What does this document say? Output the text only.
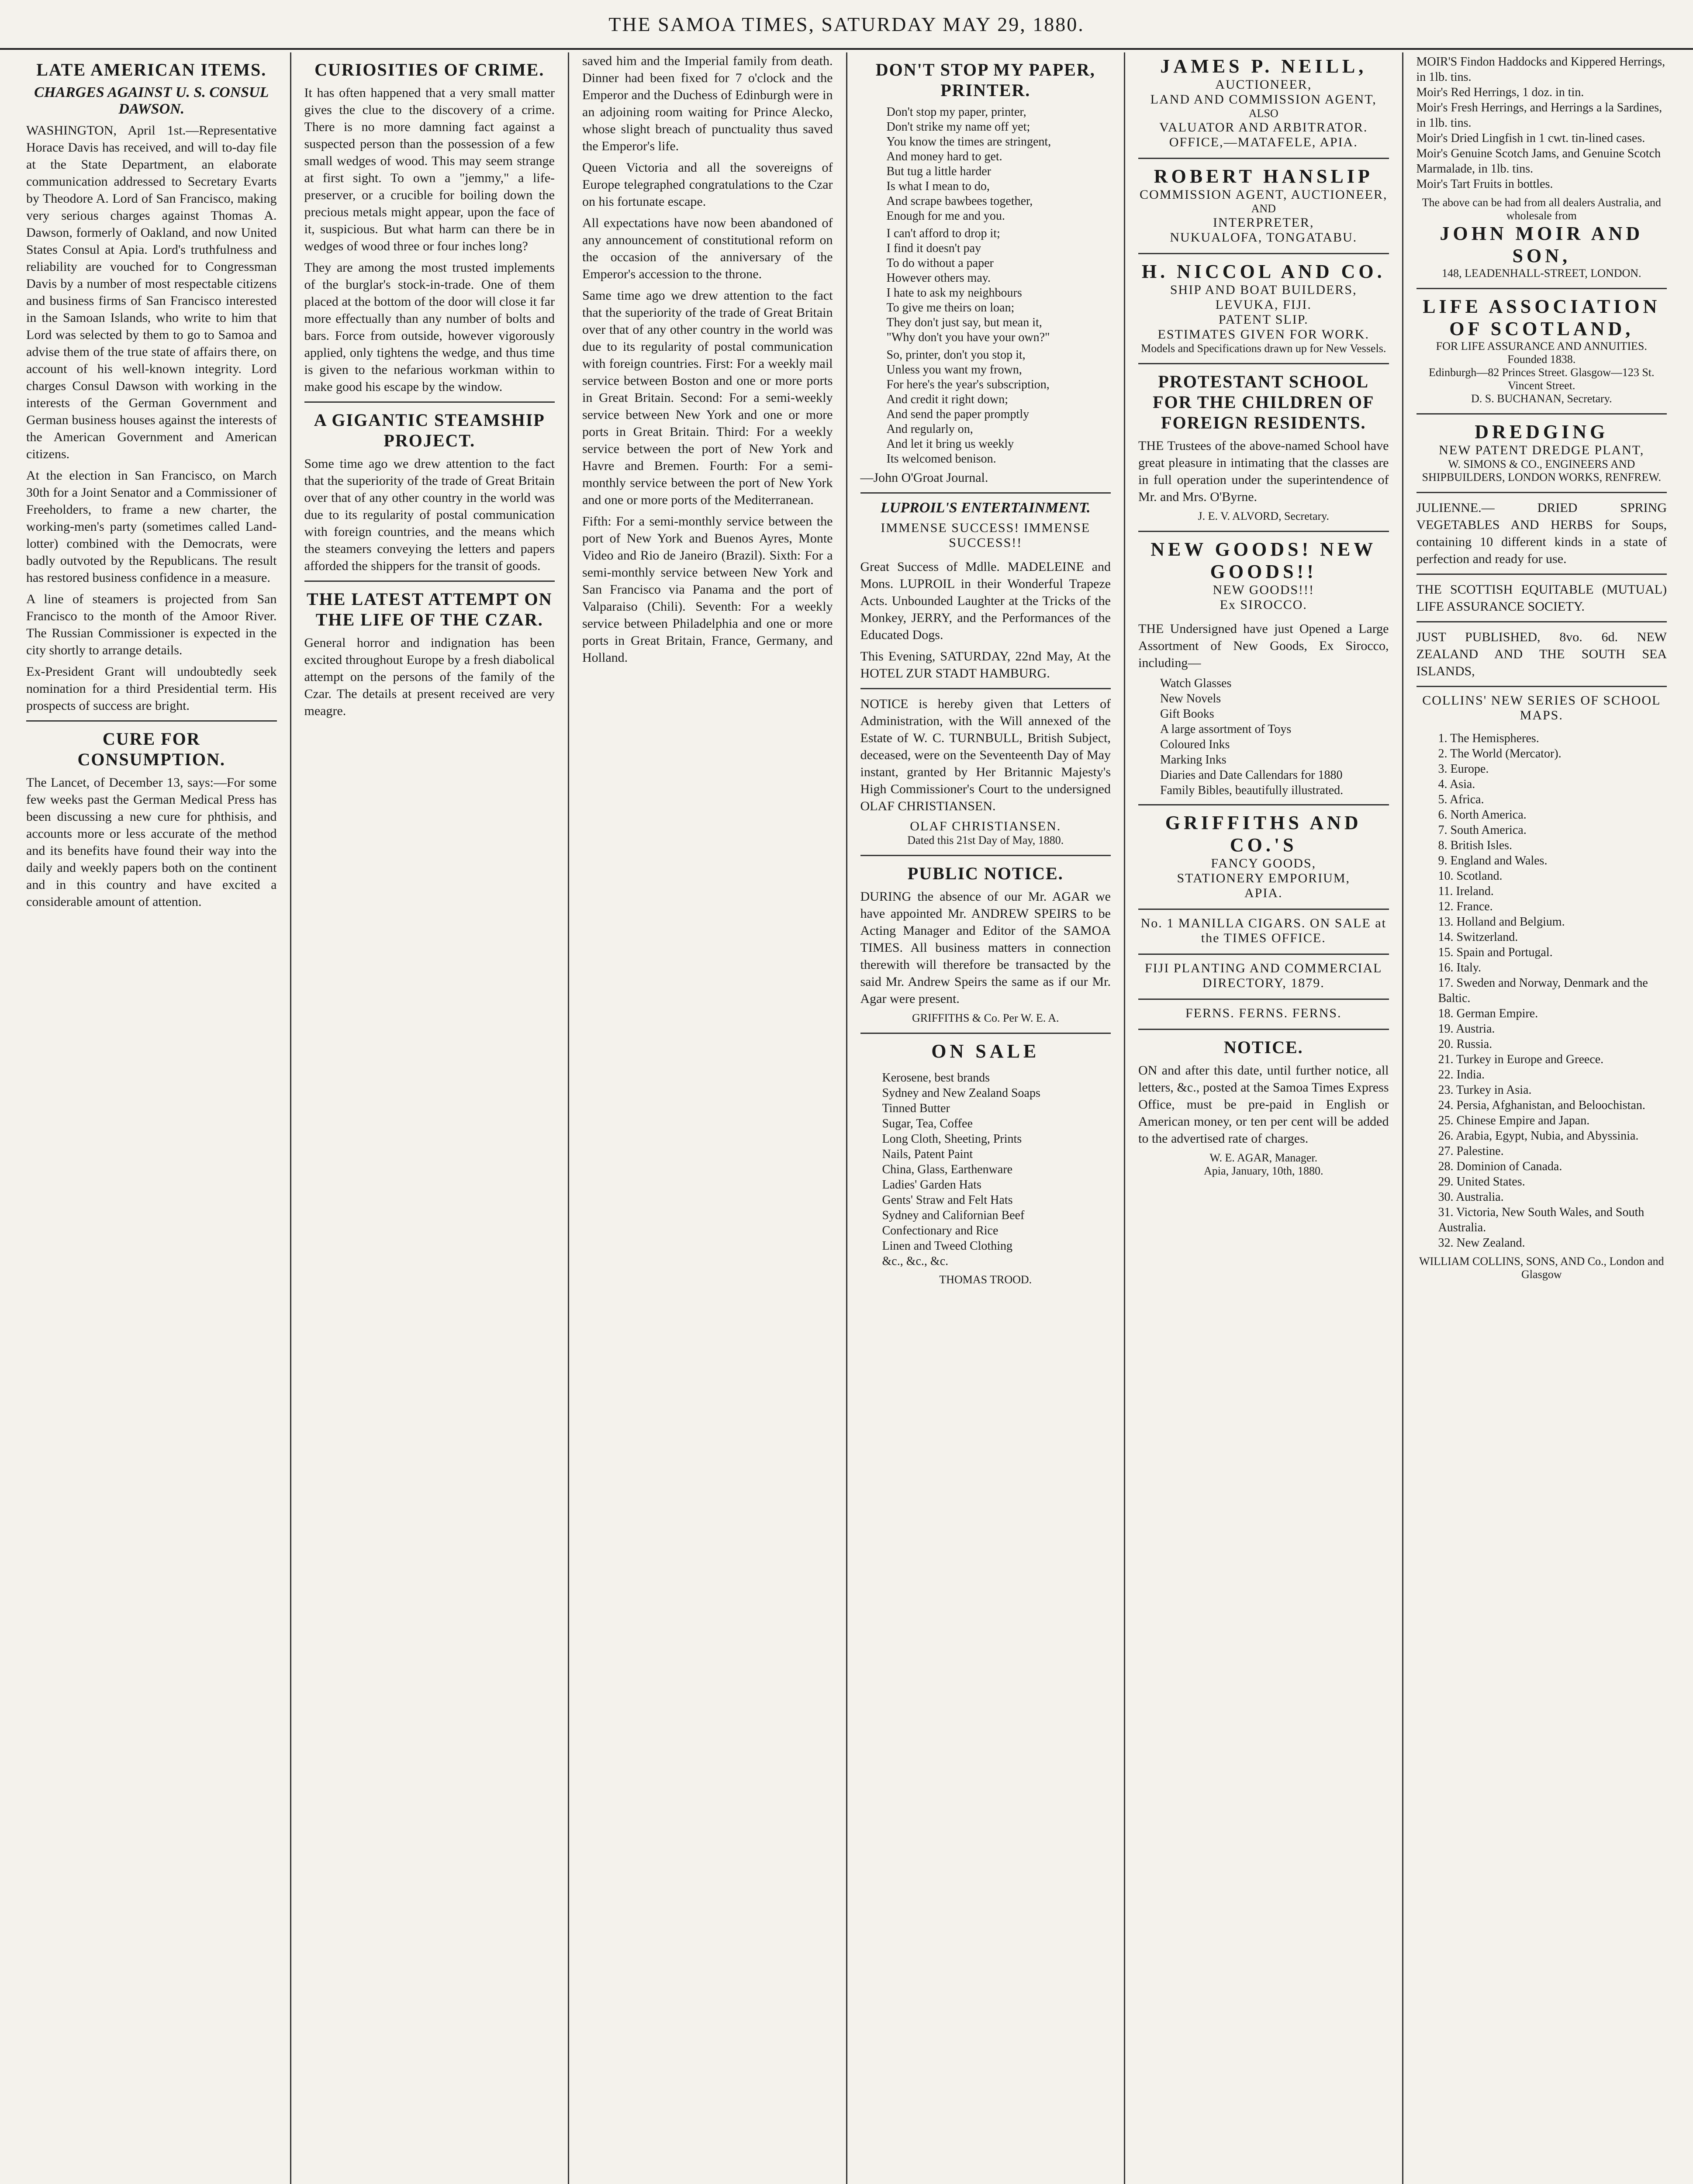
THE SAMOA TIMES, SATURDAY MAY 29, 1880.
LATE AMERICAN ITEMS.
CHARGES AGAINST U. S. CONSUL DAWSON.

WASHINGTON, April 1st.—Representative Horace Davis has received, and will to-day file at the State Department, an elaborate communication addressed to Secretary Evarts by Theodore A. Lord of San Francisco, making very serious charges against Thomas A. Dawson, formerly of Oakland, and now United States Consul at Apia. Lord's truthfulness and reliability are vouched for to Congressman Davis by a number of most respectable citizens and business firms of San Francisco interested in the Samoan Islands, who write to him that Lord was selected by them to go to Samoa and advise them of the true state of affairs there, on account of his well-known integrity. Lord charges Consul Dawson with working in the interests of the German Government and German business houses against the interests of the American Government and American citizens.

At the election in San Francisco, on March 30th for a Joint Senator and a Commissioner of Freeholders, to frame a new charter, the working-men's party (sometimes called Land-lotter) combined with the Democrats, were badly outvoted by the Republicans. The result has restored business confidence in a measure.

A line of steamers is projected from San Francisco to the month of the Amoor River. The Russian Commissioner is expected in the city shortly to arrange details.

Ex-President Grant will undoubtedly seek nomination for a third Presidential term. His prospects of success are bright.

CURE FOR CONSUMPTION.

The Lancet, of December 13, says:—For some few weeks past the German Medical Press has been discussing a new cure for phthisis, and accounts more or less accurate of the method and its benefits have found their way into the daily and weekly papers both on the continent and in this country and have excited a considerable amount of attention.

CURIOSITIES OF CRIME.

It has often happened that a very small matter gives the clue to the discovery of a crime. There is no more damning fact against a suspected person than the possession of a few small wedges of wood. This may seem strange at first sight. To own a "jemmy," a life-preserver, or a crucible for boiling down the precious metals might appear, upon the face of it, suspicious. But what harm can there be in wedges of wood three or four inches long?

They are among the most trusted implements of the burglar's stock-in-trade. One of them placed at the bottom of the door will close it far more effectually than any number of bolts and bars. Force from outside, however vigorously applied, only tightens the wedge, and thus time is given to the nefarious workman within to make good his escape by the window.

A GIGANTIC STEAMSHIP PROJECT.

Some time ago we drew attention to the fact that the superiority of the trade of Great Britain over that of any other country in the world was due to its regularity of postal communication with foreign countries, and the means which the steamers conveying the letters and papers afforded the shippers for the transit of goods.

THE LATEST ATTEMPT ON THE LIFE OF THE CZAR.

General horror and indignation has been excited throughout Europe by a fresh diabolical attempt on the persons of the family of the Czar. The details at present received are very meagre.

saved him and the Imperial family from death. Dinner had been fixed for 7 o'clock and the Emperor and the Duchess of Edinburgh were in an adjoining room waiting for Prince Alecko, whose slight breach of punctuality thus saved the Emperor's life.

Queen Victoria and all the sovereigns of Europe telegraphed congratulations to the Czar on his fortunate escape.

All expectations have now been abandoned of any announcement of constitutional reform on the occasion of the anniversary of the Emperor's accession to the throne.

Same time ago we drew attention to the fact that the superiority of the trade of Great Britain over that of any other country in the world was due to its regularity of postal communication with foreign countries. First: For a weekly mail service between Boston and one or more ports in Great Britain. Second: For a semi-weekly service between New York and one or more ports in Great Britain. Third: For a weekly service between the port of New York and Havre and Bremen. Fourth: For a semi-monthly service between the port of New York and one or more ports of the Mediterranean.

Fifth: For a semi-monthly service between the port of New York and Buenos Ayres, Monte Video and Rio de Janeiro (Brazil). Sixth: For a semi-monthly service between New York and San Francisco via Panama and the port of Valparaiso (Chili). Seventh: For a weekly service between Philadelphia and one or more ports in Great Britain, France, Germany, and Holland.

DON'T STOP MY PAPER, PRINTER.
Don't stop my paper, printer,
Don't strike my name off yet;
You know the times are stringent,
And money hard to get.
But tug a little harder
Is what I mean to do,
And scrape bawbees together,
Enough for me and you.
I can't afford to drop it;
I find it doesn't pay
To do without a paper
However others may.
I hate to ask my neighbours
To give me theirs on loan;
They don't just say, but mean it,
"Why don't you have your own?"
So, printer, don't you stop it,
Unless you want my frown,
For here's the year's subscription,
And credit it right down;
And send the paper promptly
And regularly on,
And let it bring us weekly
Its welcomed benison.

—John O'Groat Journal.

LUPROIL'S ENTERTAINMENT.
IMMENSE SUCCESS! IMMENSE SUCCESS!!

Great Success of Mdlle. MADELEINE and Mons. LUPROIL in their Wonderful Trapeze Acts. Unbounded Laughter at the Tricks of the Monkey, JERRY, and the Performances of the Educated Dogs.

This Evening, SATURDAY, 22nd May, At the HOTEL ZUR STADT HAMBURG.

NOTICE is hereby given that Letters of Administration, with the Will annexed of the Estate of W. C. TURNBULL, British Subject, deceased, were on the Seventeenth Day of May instant, granted by Her Britannic Majesty's High Commissioner's Court to the undersigned OLAF CHRISTIANSEN.

OLAF CHRISTIANSEN.
Dated this 21st Day of May, 1880.
PUBLIC NOTICE.

DURING the absence of our Mr. AGAR we have appointed Mr. ANDREW SPEIRS to be Acting Manager and Editor of the SAMOA TIMES. All business matters in connection therewith will therefore be transacted by the said Mr. Andrew Speirs the same as if our Mr. Agar were present.

GRIFFITHS & Co. Per W. E. A.
ON SALE
Kerosene, best brands
Sydney and New Zealand Soaps
Tinned Butter
Sugar, Tea, Coffee
Long Cloth, Sheeting, Prints
Nails, Patent Paint
China, Glass, Earthenware
Ladies' Garden Hats
Gents' Straw and Felt Hats
Sydney and Californian Beef
Confectionary and Rice
Linen and Tweed Clothing
&c., &c., &c.
THOMAS TROOD.
JAMES P. NEILL,
AUCTIONEER,
LAND AND COMMISSION AGENT,
ALSO
VALUATOR AND ARBITRATOR.
OFFICE,—MATAFELE, APIA.
ROBERT HANSLIP
COMMISSION AGENT, AUCTIONEER,
AND
INTERPRETER,
NUKUALOFA, TONGATABU.
H. NICCOL AND CO.
SHIP AND BOAT BUILDERS,
LEVUKA, FIJI.
PATENT SLIP.
ESTIMATES GIVEN FOR WORK.
Models and Specifications drawn up for New Vessels.
PROTESTANT SCHOOL FOR THE CHILDREN OF FOREIGN RESIDENTS.

THE Trustees of the above-named School have great pleasure in intimating that the classes are in full operation under the superintendence of Mr. and Mrs. O'Byrne.

J. E. V. ALVORD, Secretary.
NEW GOODS! NEW GOODS!!
NEW GOODS!!!
Ex SIROCCO.

THE Undersigned have just Opened a Large Assortment of New Goods, Ex Sirocco, including—

Watch Glasses
New Novels
Gift Books
A large assortment of Toys
Coloured Inks
Marking Inks
Diaries and Date Callendars for 1880
Family Bibles, beautifully illustrated.
GRIFFITHS AND CO.'S
FANCY GOODS,
STATIONERY EMPORIUM,
APIA.
No. 1 MANILLA CIGARS. ON SALE at the TIMES OFFICE.
FIJI PLANTING AND COMMERCIAL DIRECTORY, 1879.
FERNS. FERNS. FERNS.
NOTICE.

ON and after this date, until further notice, all letters, &c., posted at the Samoa Times Express Office, must be pre-paid in English or American money, or ten per cent will be added to the advertised rate of charges.

W. E. AGAR, Manager.
Apia, January, 10th, 1880.
MOIR'S Findon Haddocks and Kippered Herrings, in 1lb. tins.
Moir's Red Herrings, 1 doz. in tin.
Moir's Fresh Herrings, and Herrings a la Sardines, in 1lb. tins.
Moir's Dried Lingfish in 1 cwt. tin-lined cases.
Moir's Genuine Scotch Jams, and Genuine Scotch Marmalade, in 1lb. tins.
Moir's Tart Fruits in bottles.
The above can be had from all dealers Australia, and wholesale from
JOHN MOIR AND SON,
148, LEADENHALL-STREET, LONDON.
LIFE ASSOCIATION OF SCOTLAND,
FOR LIFE ASSURANCE AND ANNUITIES. Founded 1838.
Edinburgh—82 Princes Street. Glasgow—123 St. Vincent Street.
D. S. BUCHANAN, Secretary.
DREDGING
NEW PATENT DREDGE PLANT,
W. SIMONS & CO., ENGINEERS AND SHIPBUILDERS, LONDON WORKS, RENFREW.

JULIENNE.— DRIED SPRING VEGETABLES AND HERBS for Soups, containing 10 different kinds in a state of perfection and ready for use.

THE SCOTTISH EQUITABLE (MUTUAL) LIFE ASSURANCE SOCIETY.

JUST PUBLISHED, 8vo. 6d. NEW ZEALAND AND THE SOUTH SEA ISLANDS,

COLLINS' NEW SERIES OF SCHOOL MAPS.
1. The Hemispheres.
2. The World (Mercator).
3. Europe.
4. Asia.
5. Africa.
6. North America.
7. South America.
8. British Isles.
9. England and Wales.
10. Scotland.
11. Ireland.
12. France.
13. Holland and Belgium.
14. Switzerland.
15. Spain and Portugal.
16. Italy.
17. Sweden and Norway, Denmark and the Baltic.
18. German Empire.
19. Austria.
20. Russia.
21. Turkey in Europe and Greece.
22. India.
23. Turkey in Asia.
24. Persia, Afghanistan, and Beloochistan.
25. Chinese Empire and Japan.
26. Arabia, Egypt, Nubia, and Abyssinia.
27. Palestine.
28. Dominion of Canada.
29. United States.
30. Australia.
31. Victoria, New South Wales, and South Australia.
32. New Zealand.
WILLIAM COLLINS, SONS, AND Co., London and Glasgow
